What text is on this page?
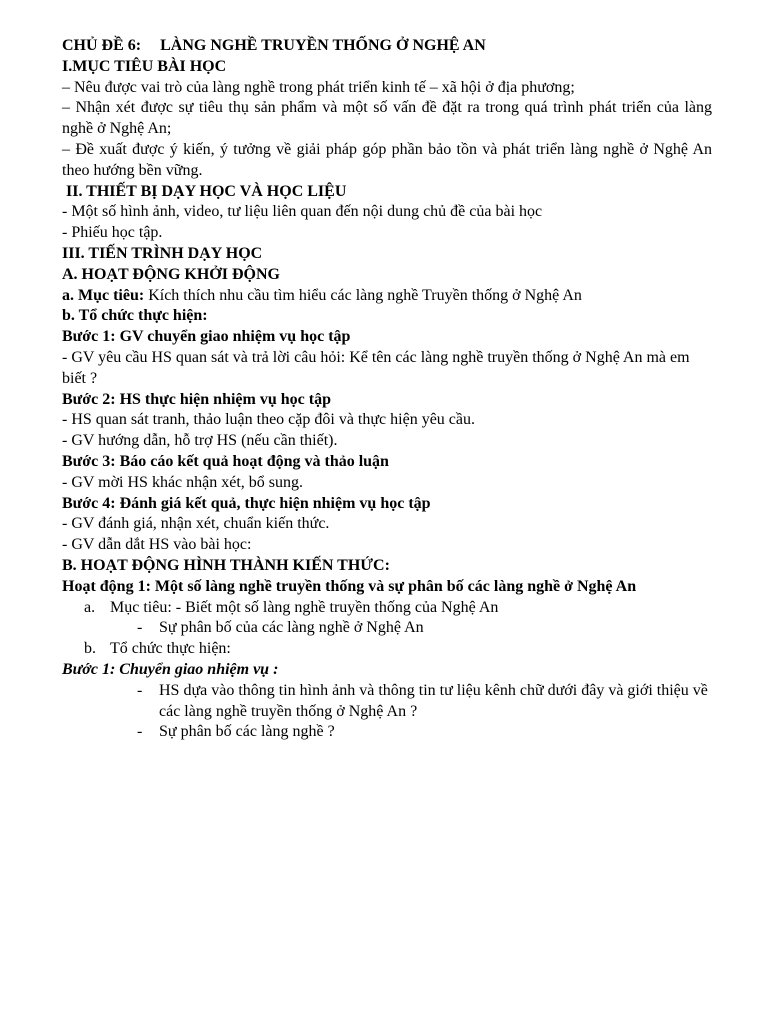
CHỦ ĐỀ 6: LÀNG NGHỀ TRUYỀN THỐNG Ở NGHỆ AN

I.MỤC TIÊU BÀI HỌC

– Nêu được vai trò của làng nghề trong phát triển kinh tế – xã hội ở địa phương;

– Nhận xét được sự tiêu thụ sản phẩm và một số vấn đề đặt ra trong quá trình phát triển của làng nghề ở Nghệ An;

– Đề xuất được ý kiến, ý tưởng về giải pháp góp phần bảo tồn và phát triển làng nghề ở Nghệ An theo hướng bền vững.

II. THIẾT BỊ DẠY HỌC VÀ HỌC LIỆU

- Một số hình ảnh, video, tư liệu liên quan đến nội dung chủ đề của bài học

- Phiếu học tập.

III. TIẾN TRÌNH DẠY HỌC

A. HOẠT ĐỘNG KHỞI ĐỘNG

a. Mục tiêu: Kích thích nhu cầu tìm hiểu các làng nghề Truyền thống ở Nghệ An

b. Tổ chức thực hiện:

Bước 1: GV chuyển giao nhiệm vụ học tập

- GV yêu cầu HS quan sát và trả lời câu hỏi: Kể tên các làng nghề truyền thống ở Nghệ An mà em biết ?

Bước 2: HS thực hiện nhiệm vụ học tập

- HS quan sát tranh, thảo luận theo cặp đôi và thực hiện yêu cầu.

- GV hướng dẫn, hỗ trợ HS (nếu cần thiết).

Bước 3: Báo cáo kết quả hoạt động và thảo luận

- GV mời HS khác nhận xét, bổ sung.

Bước 4: Đánh giá kết quả, thực hiện nhiệm vụ học tập

- GV đánh giá, nhận xét, chuẩn kiến thức.

- GV dẫn dắt HS vào bài học:

B. HOẠT ĐỘNG HÌNH THÀNH KIẾN THỨC:

Hoạt động 1: Một số làng nghề truyền thống và sự phân bố các làng nghề ở Nghệ An

a. Mục tiêu: - Biết một số làng nghề truyền thống của Nghệ An
- Sự phân bố của các làng nghề ở Nghệ An
b. Tổ chức thực hiện:

Bước 1: Chuyển giao nhiệm vụ :

- HS dựa vào thông tin hình ảnh và thông tin tư liệu kênh chữ dưới đây và giới thiệu về các làng nghề truyền thống ở Nghệ An ?
- Sự phân bố các làng nghề ?
